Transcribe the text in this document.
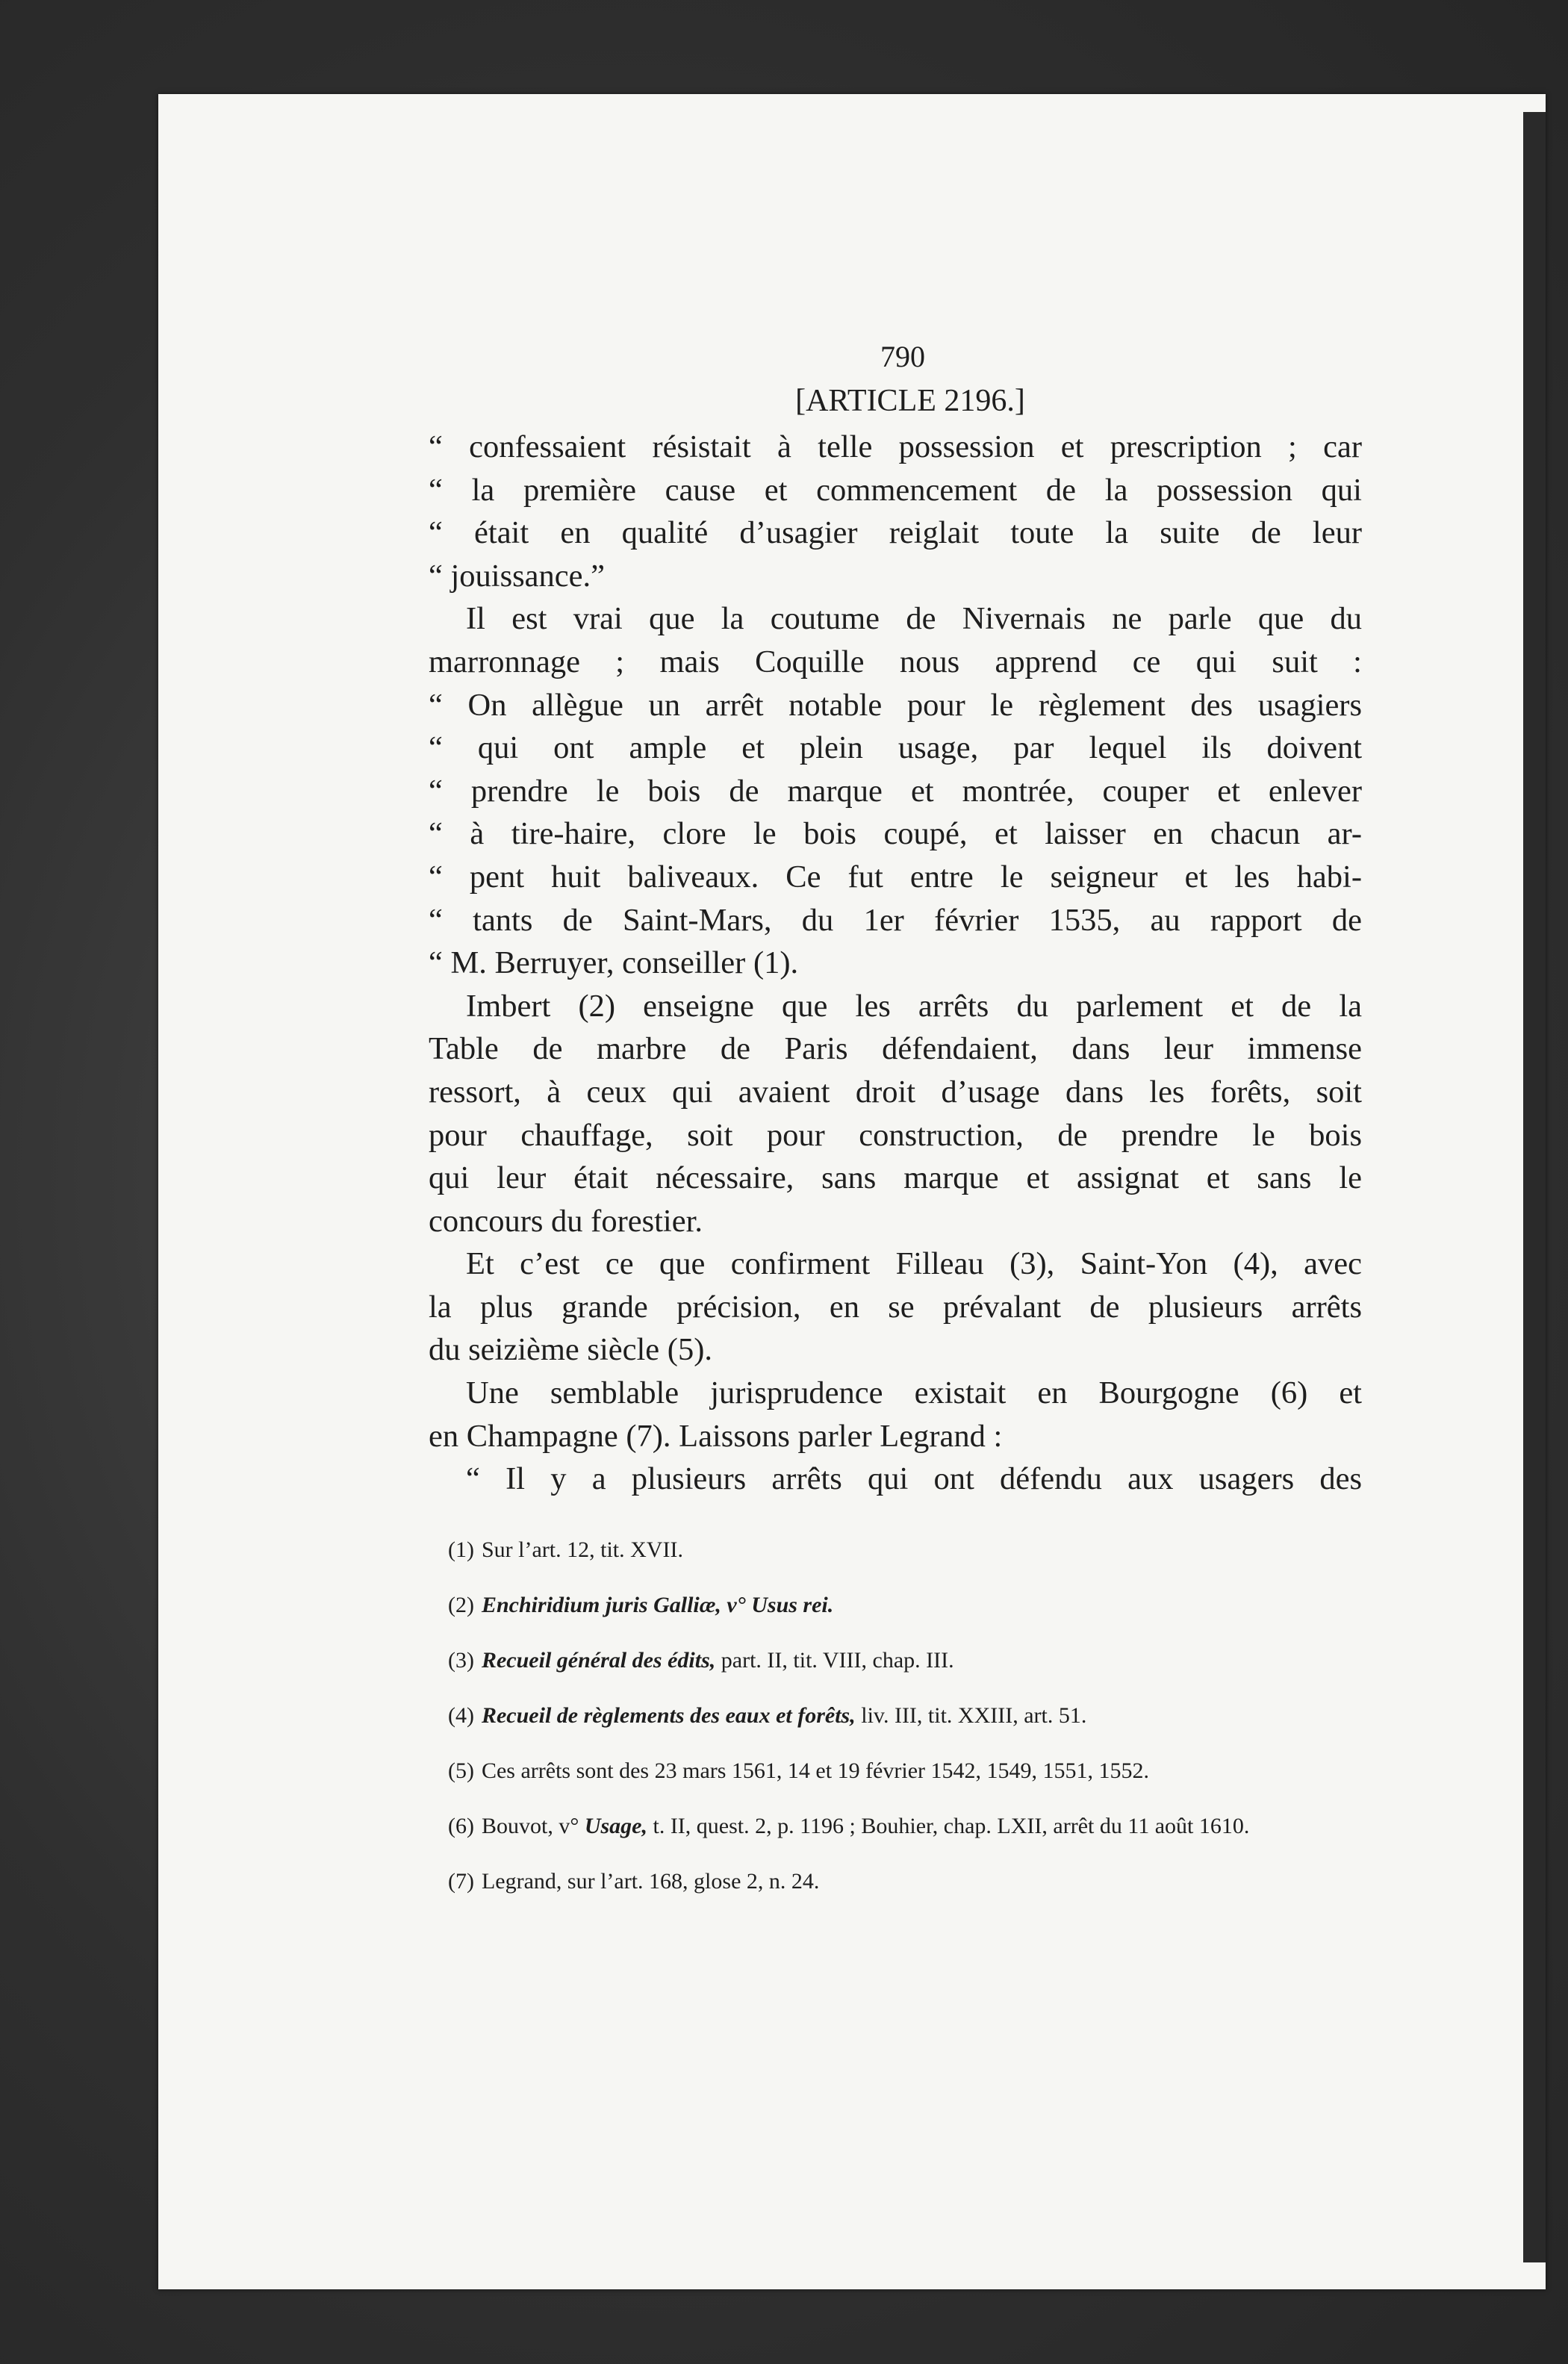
790
[ARTICLE 2196.]
“ confessaient résistait à telle possession et prescription ; car
“ la première cause et commencement de la possession qui
“ était en qualité d’usagier reiglait toute la suite de leur
“ jouissance.”
Il est vrai que la coutume de Nivernais ne parle que du
marronnage ; mais Coquille nous apprend ce qui suit :
“ On allègue un arrêt notable pour le règlement des usagiers
“ qui ont ample et plein usage, par lequel ils doivent
“ prendre le bois de marque et montrée, couper et enlever
“ à tire-haire, clore le bois coupé, et laisser en chacun ar-
“ pent huit baliveaux. Ce fut entre le seigneur et les habi-
“ tants de Saint-Mars, du 1er février 1535, au rapport de
“ M. Berruyer, conseiller (1).
Imbert (2) enseigne que les arrêts du parlement et de la
Table de marbre de Paris défendaient, dans leur immense
ressort, à ceux qui avaient droit d’usage dans les forêts, soit
pour chauffage, soit pour construction, de prendre le bois
qui leur était nécessaire, sans marque et assignat et sans le
concours du forestier.
Et c’est ce que confirment Filleau (3), Saint-Yon (4), avec
la plus grande précision, en se prévalant de plusieurs arrêts
du seizième siècle (5).
Une semblable jurisprudence existait en Bourgogne (6) et
en Champagne (7). Laissons parler Legrand :
“ Il y a plusieurs arrêts qui ont défendu aux usagers des
(1) Sur l’art. 12, tit. XVII.
(2) Enchiridium juris Galliæ, v° Usus rei.
(3) Recueil général des édits, part. II, tit. VIII, chap. III.
(4) Recueil de règlements des eaux et forêts, liv. III, tit. XXIII, art. 51.
(5) Ces arrêts sont des 23 mars 1561, 14 et 19 février 1542, 1549, 1551, 1552.
(6) Bouvot, v° Usage, t. II, quest. 2, p. 1196 ; Bouhier, chap. LXII, arrêt du 11 août 1610.
(7) Legrand, sur l’art. 168, glose 2, n. 24.
